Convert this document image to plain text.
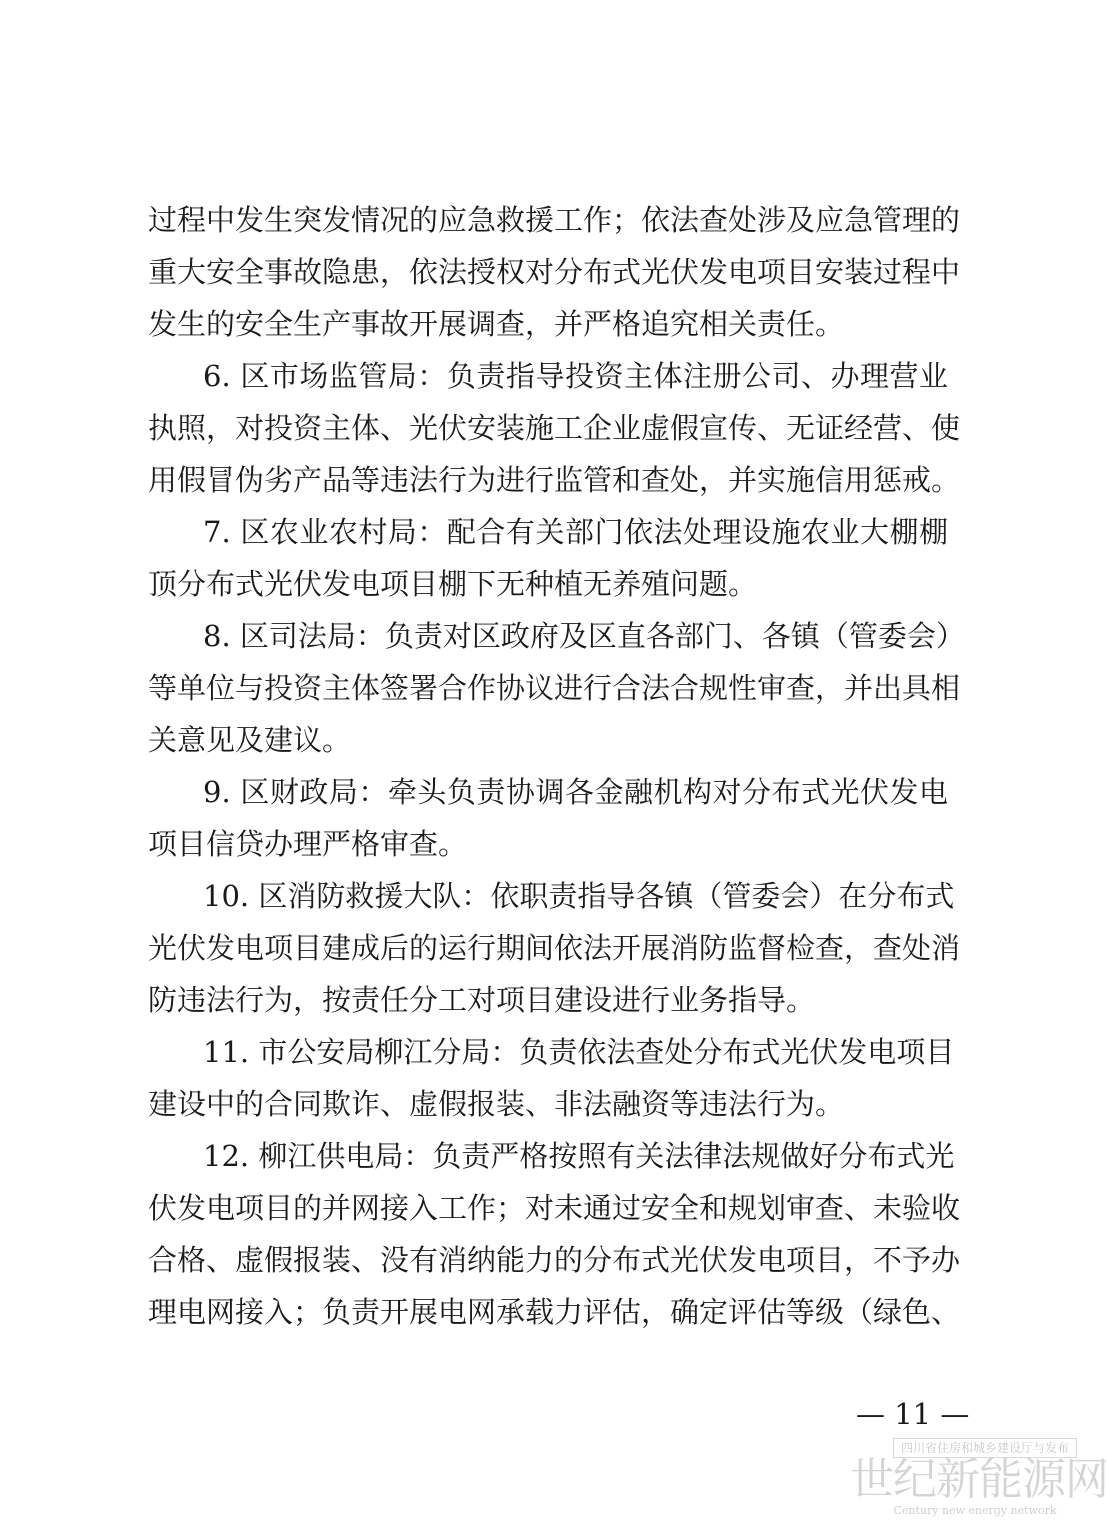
过程中发生突发情况的应急救援工作；依法查处涉及应急管理的
重大安全事故隐患，依法授权对分布式光伏发电项目安装过程中
发生的安全生产事故开展调查，并严格追究相关责任。
6. 区市场监管局：负责指导投资主体注册公司、办理营业
执照，对投资主体、光伏安装施工企业虚假宣传、无证经营、使
用假冒伪劣产品等违法行为进行监管和查处，并实施信用惩戒。
7. 区农业农村局：配合有关部门依法处理设施农业大棚棚
顶分布式光伏发电项目棚下无种植无养殖问题。
8. 区司法局：负责对区政府及区直各部门、各镇（管委会）
等单位与投资主体签署合作协议进行合法合规性审查，并出具相
关意见及建议。
9. 区财政局：牵头负责协调各金融机构对分布式光伏发电
项目信贷办理严格审查。
10. 区消防救援大队：依职责指导各镇（管委会）在分布式
光伏发电项目建成后的运行期间依法开展消防监督检查，查处消
防违法行为，按责任分工对项目建设进行业务指导。
11. 市公安局柳江分局：负责依法查处分布式光伏发电项目
建设中的合同欺诈、虚假报装、非法融资等违法行为。
12. 柳江供电局：负责严格按照有关法律法规做好分布式光
伏发电项目的并网接入工作；对未通过安全和规划审查、未验收
合格、虚假报装、没有消纳能力的分布式光伏发电项目，不予办
理电网接入；负责开展电网承载力评估，确定评估等级（绿色、
— 11 —
四川省住房和城乡建设厅与发布
世纪新能源网
Century new energy network
